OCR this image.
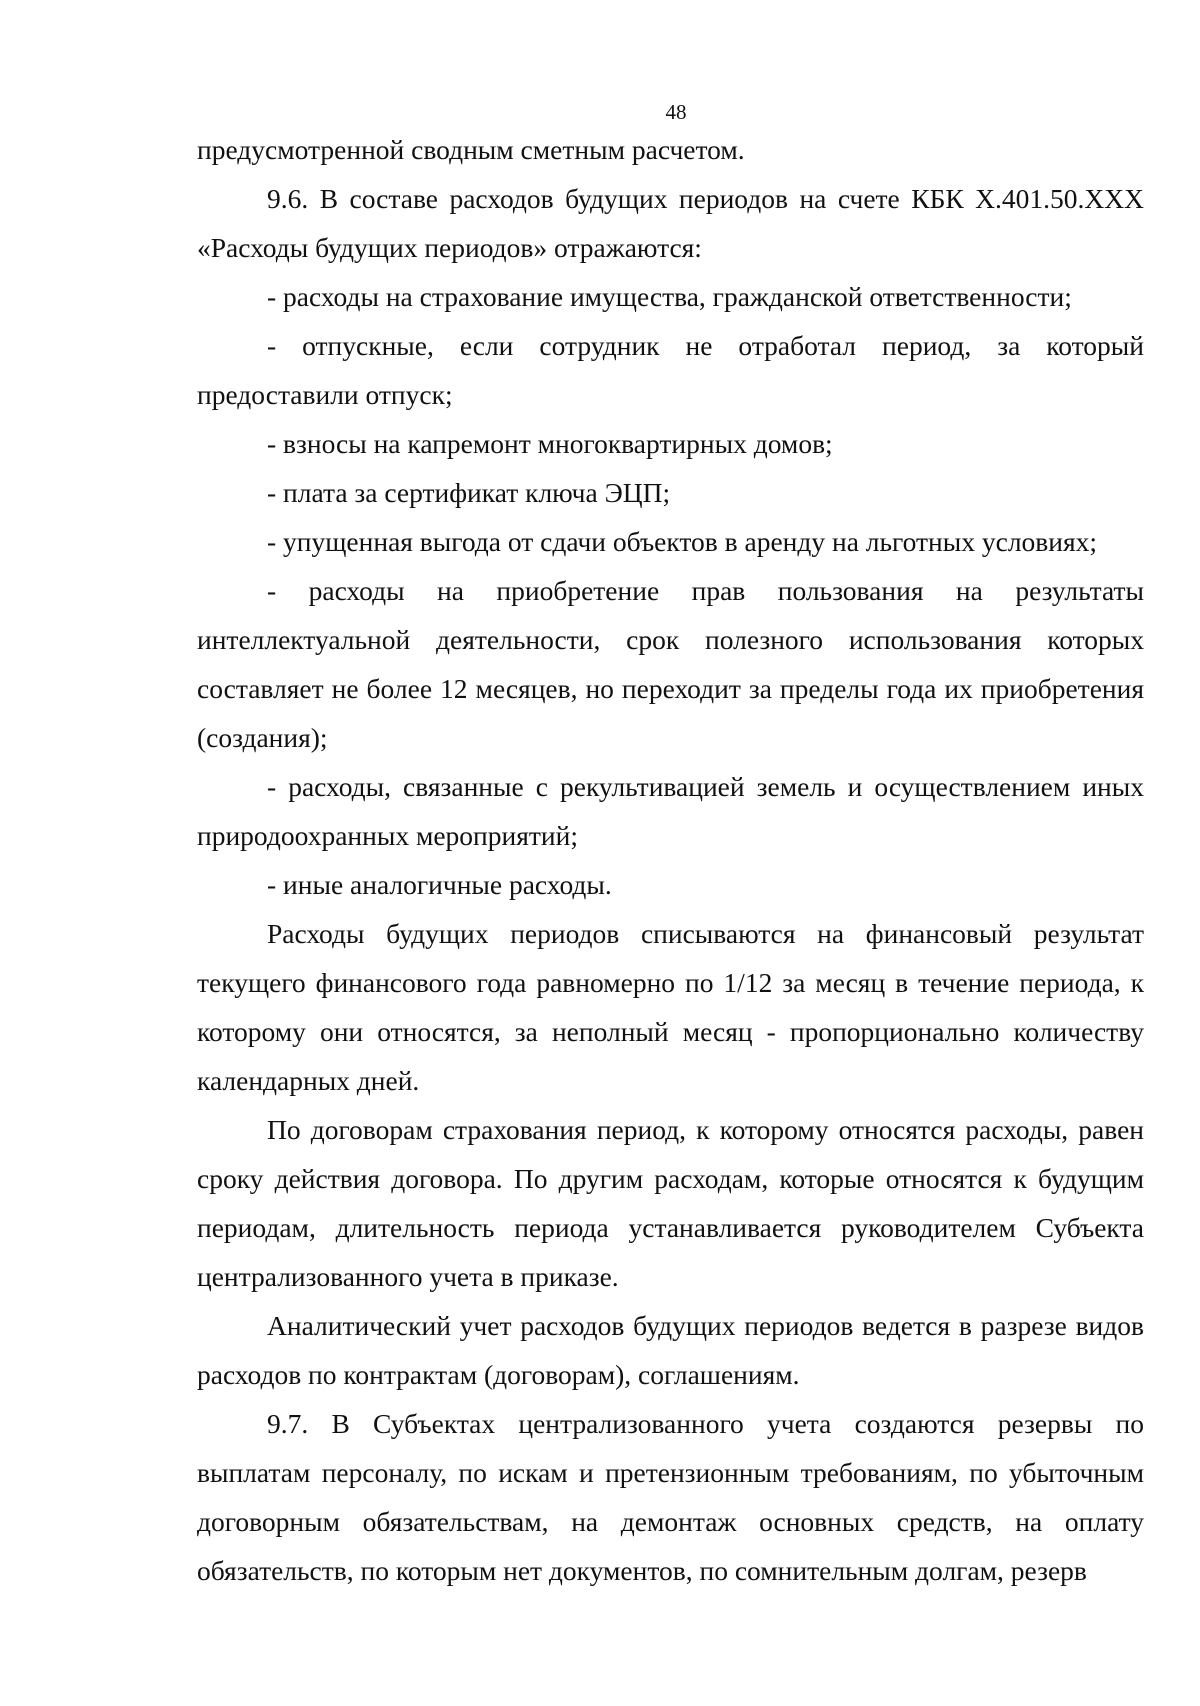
48

предусмотренной сводным сметным расчетом.

9.6. В составе расходов будущих периодов на счете КБК Х.401.50.ХХХ «Расходы будущих периодов» отражаются:

- расходы на страхование имущества, гражданской ответственности;

- отпускные, если сотрудник не отработал период, за который предоставили отпуск;

- взносы на капремонт многоквартирных домов;

- плата за сертификат ключа ЭЦП;

- упущенная выгода от сдачи объектов в аренду на льготных условиях;

- расходы на приобретение прав пользования на результаты интеллектуальной деятельности, срок полезного использования которых составляет не более 12 месяцев, но переходит за пределы года их приобретения (создания);

- расходы, связанные с рекультивацией земель и осуществлением иных природоохранных мероприятий;

- иные аналогичные расходы.

Расходы будущих периодов списываются на финансовый результат текущего финансового года равномерно по 1/12 за месяц в течение периода, к которому они относятся, за неполный месяц - пропорционально количеству календарных дней.

По договорам страхования период, к которому относятся расходы, равен сроку действия договора. По другим расходам, которые относятся к будущим периодам, длительность периода устанавливается руководителем Субъекта централизованного учета в приказе.

Аналитический учет расходов будущих периодов ведется в разрезе видов расходов по контрактам (договорам), соглашениям.

9.7. В Субъектах централизованного учета создаются резервы по выплатам персоналу, по искам и претензионным требованиям, по убыточным договорным обязательствам, на демонтаж основных средств, на оплату обязательств, по которым нет документов, по сомнительным долгам, резерв
